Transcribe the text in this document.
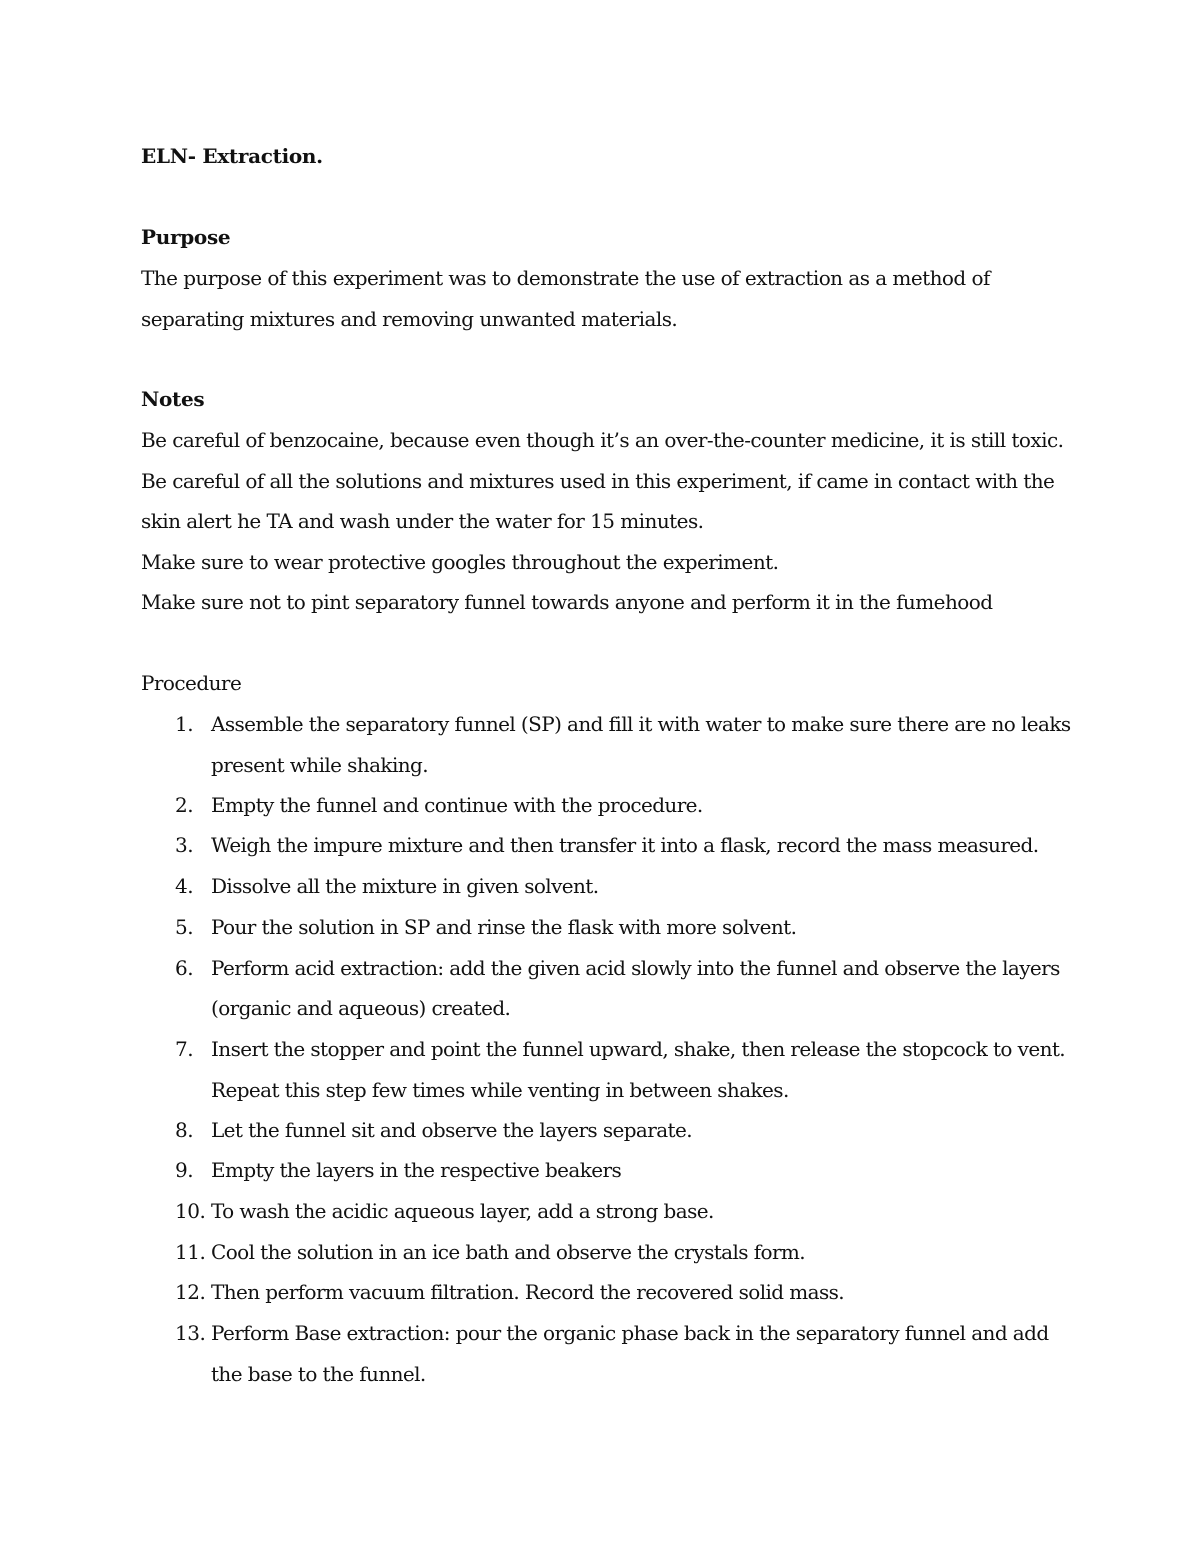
ELN- Extraction.
Purpose
The purpose of this experiment was to demonstrate the use of extraction as a method of
separating mixtures and removing unwanted materials.
Notes
Be careful of benzocaine, because even though it’s an over-the-counter medicine, it is still toxic.
Be careful of all the solutions and mixtures used in this experiment, if came in contact with the
skin alert he TA and wash under the water for 15 minutes.
Make sure to wear protective googles throughout the experiment.
Make sure not to pint separatory funnel towards anyone and perform it in the fumehood
Procedure
1. Assemble the separatory funnel (SP) and fill it with water to make sure there are no leaks
present while shaking.
2. Empty the funnel and continue with the procedure.
3. Weigh the impure mixture and then transfer it into a flask, record the mass measured.
4. Dissolve all the mixture in given solvent.
5. Pour the solution in SP and rinse the flask with more solvent.
6. Perform acid extraction: add the given acid slowly into the funnel and observe the layers
(organic and aqueous) created.
7. Insert the stopper and point the funnel upward, shake, then release the stopcock to vent.
Repeat this step few times while venting in between shakes.
8. Let the funnel sit and observe the layers separate.
9. Empty the layers in the respective beakers
10. To wash the acidic aqueous layer, add a strong base.
11. Cool the solution in an ice bath and observe the crystals form.
12. Then perform vacuum filtration. Record the recovered solid mass.
13. Perform Base extraction: pour the organic phase back in the separatory funnel and add
the base to the funnel.
